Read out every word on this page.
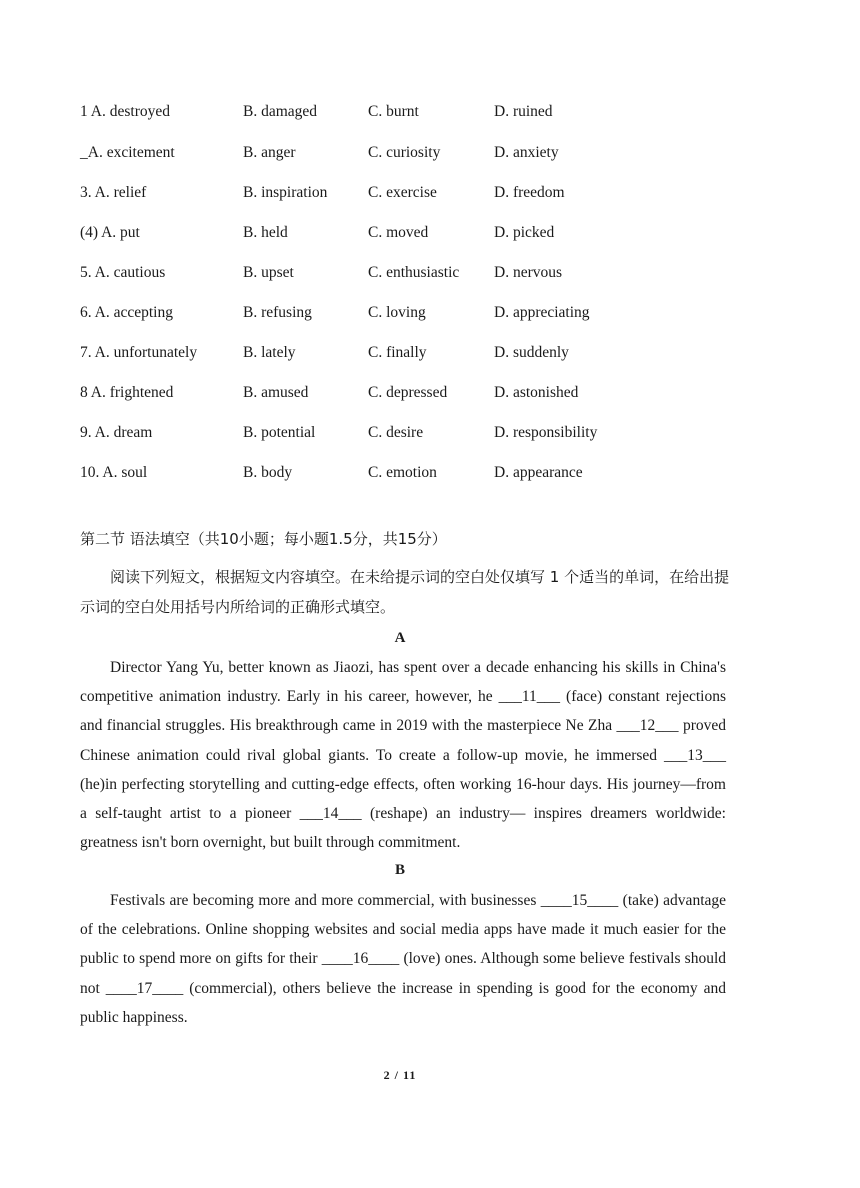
1 A. destroyed	B. damaged	C. burnt	D. ruined
_A. excitement	B. anger	C. curiosity	D. anxiety
3. A. relief	B. inspiration	C. exercise	D. freedom
(4) A. put	B. held	C. moved	D. picked
5. A. cautious	B. upset	C. enthusiastic D. nervous
6. A. accepting	B. refusing	C. loving	D. appreciating
7. A. unfortunately	B. lately	C. finally	D. suddenly
8 A. frightened	B. amused	C. depressed	D. astonished
9. A. dream	B. potential	C. desire	D. responsibility
10. A. soul	B. body	C. emotion	D. appearance
第二节 语法填空（共10小题；每小题1.5分，共15分）
阅读下列短文，根据短文内容填空。在未给提示词的空白处仅填写 1 个适当的单词，在给出提示词的空白处用括号内所给词的正确形式填空。
A
Director Yang Yu, better known as Jiaozi, has spent over a decade enhancing his skills in China's competitive animation industry. Early in his career, however, he ___11___ (face) constant rejections and financial struggles. His breakthrough came in 2019 with the masterpiece Ne Zha ___12___ proved Chinese animation could rival global giants. To create a follow-up movie, he immersed ___13___ (he)in perfecting storytelling and cutting-edge effects, often working 16-hour days. His journey—from a self-taught artist to a pioneer ___14___ (reshape) an industry— inspires dreamers worldwide: greatness isn't born overnight, but built through commitment.
B
Festivals are becoming more and more commercial, with businesses ____15____ (take) advantage of the celebrations. Online shopping websites and social media apps have made it much easier for the public to spend more on gifts for their ____16____ (love) ones. Although some believe festivals should not ____17____ (commercial), others believe the increase in spending is good for the economy and public happiness.
2 / 11
